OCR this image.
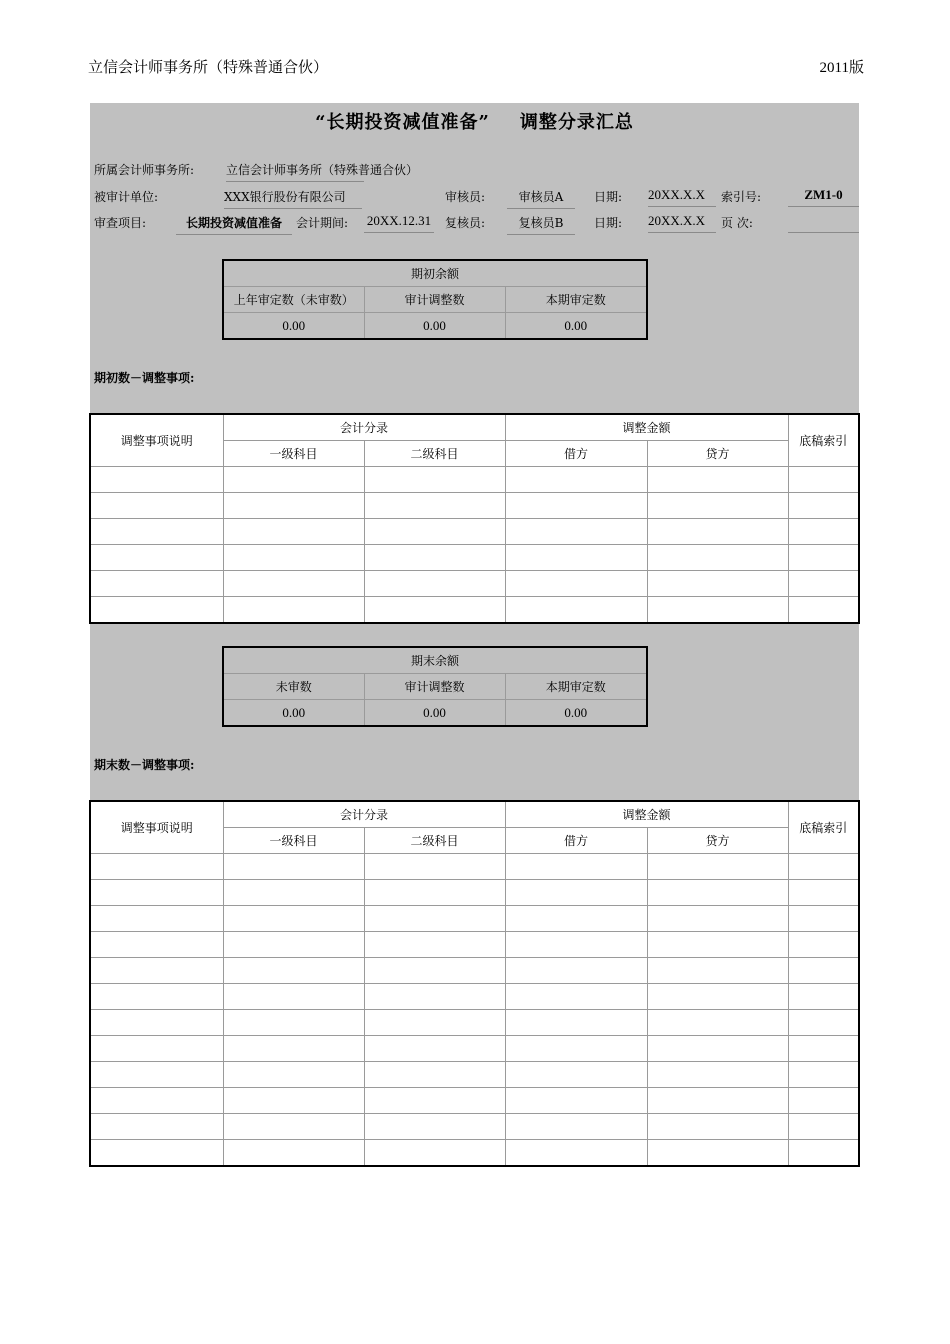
立信会计师事务所（特殊普通合伙）	2011版
“长期投资减值准备” 调整分录汇总
所属会计师事务所:	立信会计师事务所（特殊普通合伙）
被审计单位:	XXX银行股份有限公司	审核员:	审核员A	日期: 20XX.X.X	索引号:	ZM1-0
审查项目:	长期投资减值准备	会计期间: 20XX.12.31 复核员:	复核员B	日期: 20XX.X.X	页 次:
期初余额		
上年审定数（未审数）	审计调整数	本期审定数
0.00	0.00	0.00
期初数－调整事项:
调整事项说明	会计分录		调整金额		底稿索引
	一级科目	二级科目	借方	贷方	

期末余额		
未审数	审计调整数	本期审定数
0.00	0.00	0.00
期末数－调整事项:
调整事项说明	会计分录		调整金额		底稿索引
	一级科目	二级科目	借方	贷方	
